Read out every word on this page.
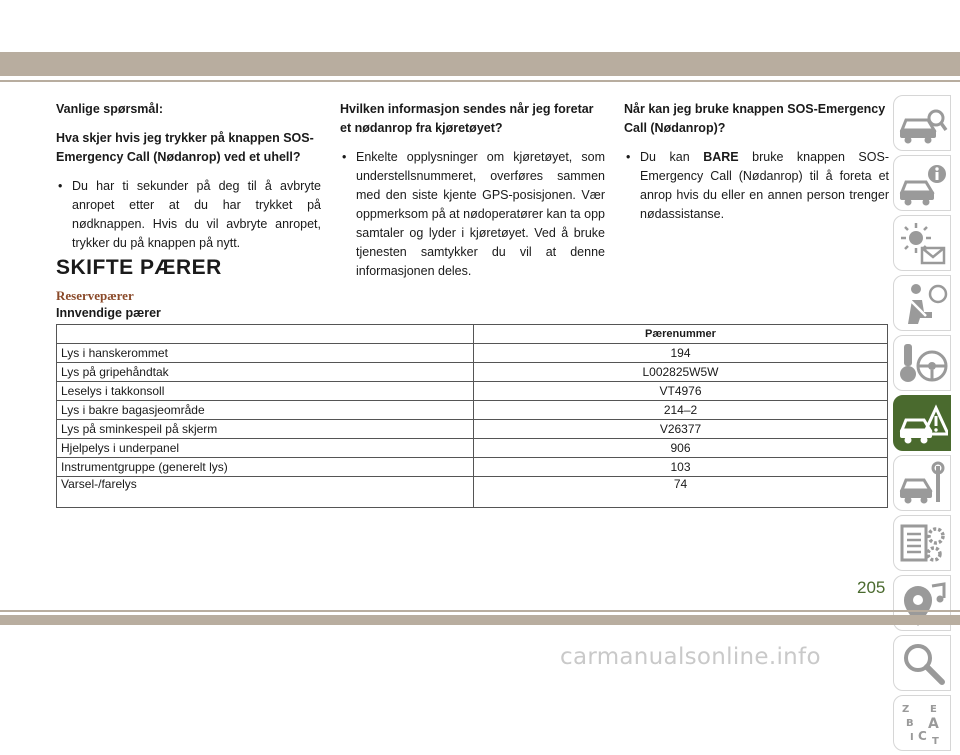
Vanlige spørsmål:

Hva skjer hvis jeg trykker på knappen SOS-Emergency Call (Nødanrop) ved et uhell?

• Du har ti sekunder på deg til å avbryte anropet etter at du har trykket på nødknappen. Hvis du vil avbryte anropet, trykker du på knappen på nytt.

Hvilken informasjon sendes når jeg foretar et nødanrop fra kjøretøyet?

• Enkelte opplysninger om kjøretøyet, som understellsnummeret, overføres sammen med den siste kjente GPS-posisjonen. Vær oppmerksom på at nødoperatører kan ta opp samtaler og lyder i kjøretøyet. Ved å bruke tjenesten samtykker du vil at denne informasjonen deles.

Når kan jeg bruke knappen SOS-Emergency Call (Nødanrop)?

• Du kan BARE bruke knappen SOS-Emergency Call (Nødanrop) til å foreta et anrop hvis du eller en annen person trenger nødassistanse.

SKIFTE PÆRER
Reservepærer
Innvendige pærer
	Pærenummer
Lys i hanskerommet	194
Lys på gripehåndtak	L002825W5W
Leselys i takkonsoll	VT4976
Lys i bakre bagasjeområde	214–2
Lys på sminkespeil på skjerm	V26377
Hjelpelys i underpanel	906
Instrumentgruppe (generelt lys)	103
Varsel-/farelys	74
Z E
B A
I C T
205
carmanualsonline.info
